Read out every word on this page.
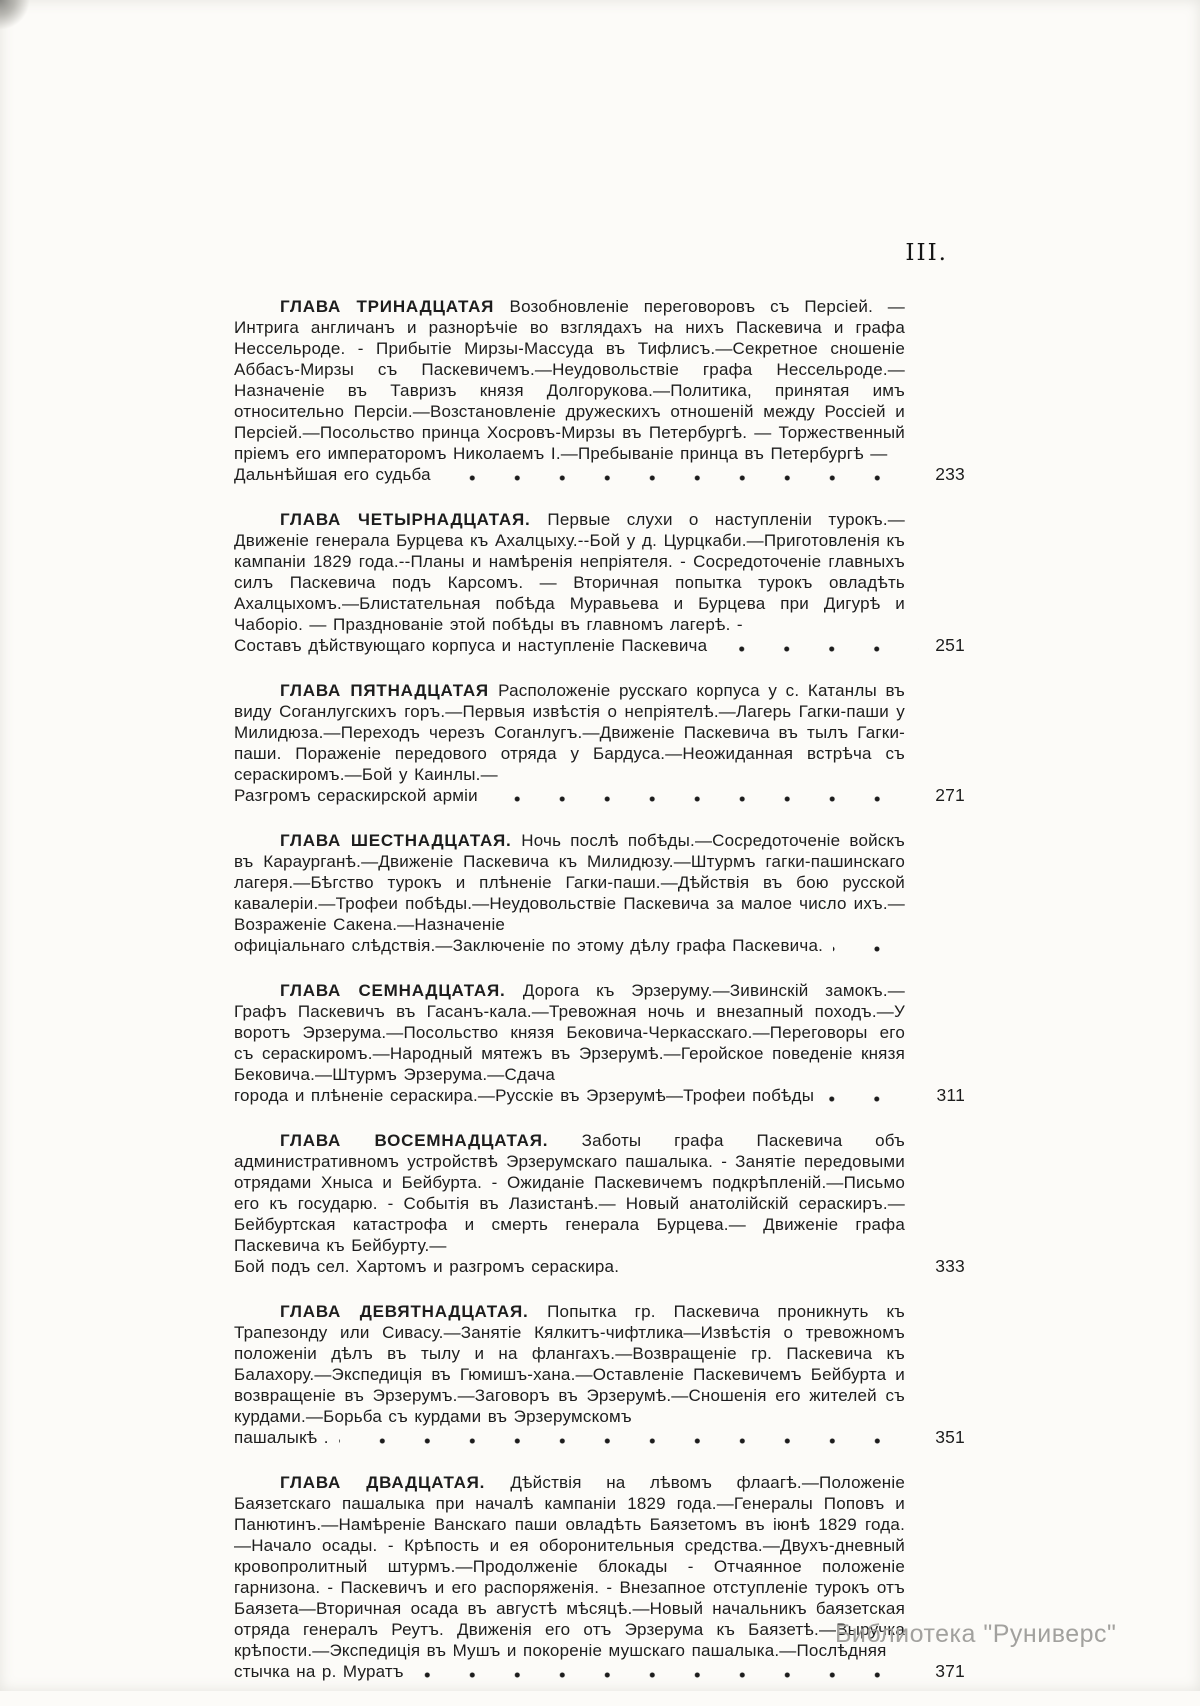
III.

ГЛАВА ТРИНАДЦАТАЯ Возобновленіе переговоровъ съ Персіей. — Интрига англичанъ и разнорѣчіе во взглядахъ на нихъ Паскевича и графа Нессельроде. - Прибытіе Мирзы-Массуда въ Тифлисъ.—Секретное сношеніе Аббасъ-Мирзы съ Паскевичемъ.—Неудовольствіе графа Нессельроде.—Назначеніе въ Тавризъ князя Долгорукова.—Политика, принятая имъ относительно Персіи.—Возстановленіе дружескихъ отношеній между Россіей и Персіей.—Посольство принца Хосровъ-Мирзы въ Петербургѣ. — Торжественный пріемъ его императоромъ Николаемъ I.—Пребываніе принца въ Петербургѣ —

Дальнѣйшая его судьба	233

ГЛАВА ЧЕТЫРНАДЦАТАЯ. Первые слухи о наступленіи турокъ.—Движеніе генерала Бурцева къ Ахалцыху.--Бой у д. Цурцкаби.—Приготовленія къ кампаніи 1829 года.--Планы и намѣренія непріятеля. - Сосредоточеніе главныхъ силъ Паскевича подъ Карсомъ. — Вторичная попытка турокъ овладѣть Ахалцыхомъ.—Блистательная побѣда Муравьева и Бурцева при Дигурѣ и Чаборіо. — Празднованіе этой побѣды въ главномъ лагерѣ. -

Составъ дѣйствующаго корпуса и наступленіе Паскевича	251

ГЛАВА ПЯТНАДЦАТАЯ Расположеніе русскаго корпуса у с. Катанлы въ виду Соганлугскихъ горъ.—Первыя извѣстія о непріятелѣ.—Лагерь Гагки-паши у Милидюза.—Переходъ черезъ Соганлугъ.—Движеніе Паскевича въ тылъ Гагки-паши. Пораженіе передового отряда у Бардуса.—Неожиданная встрѣча съ сераскиромъ.—Бой у Каинлы.—

Разгромъ сераскирской арміи	271

ГЛАВА ШЕСТНАДЦАТАЯ. Ночь послѣ побѣды.—Сосредоточеніе войскъ въ Караурганѣ.—Движеніе Паскевича къ Милидюзу.—Штурмъ гагки-пашинскаго лагеря.—Бѣгство турокъ и плѣненіе Гагки-паши.—Дѣйствія въ бою русской кавалеріи.—Трофеи побѣды.—Неудовольствіе Паскевича за малое число ихъ.—Возраженіе Сакена.—Назначеніе

офиціальнаго слѣдствія.—Заключеніе по этому дѣлу графа Паскевича.

ГЛАВА СЕМНАДЦАТАЯ. Дорога къ Эрзеруму.—Зивинскій замокъ.—Графъ Паскевичъ въ Гасанъ-кала.—Тревожная ночь и внезапный походъ.—У воротъ Эрзерума.—Посольство князя Бековича-Черкасскаго.—Переговоры его съ сераскиромъ.—Народный мятежъ въ Эрзерумѣ.—Геройское поведеніе князя Бековича.—Штурмъ Эрзерума.—Сдача

города и плѣненіе сераскира.—Русскіе въ Эрзерумѣ—Трофеи побѣды	311

ГЛАВА ВОСЕМНАДЦАТАЯ. Заботы графа Паскевича объ административномъ устройствѣ Эрзерумскаго пашалыка. - Занятіе передовыми отрядами Хныса и Бейбурта. - Ожиданіе Паскевичемъ подкрѣпленій.—Письмо его къ государю. - Событія въ Лазистанѣ.— Новый анатолійскій сераскиръ.—Бейбуртская катастрофа и смерть генерала Бурцева.— Движеніе графа Паскевича къ Бейбурту.—

Бой подъ сел. Хартомъ и разгромъ сераскира.	333

ГЛАВА ДЕВЯТНАДЦАТАЯ. Попытка гр. Паскевича проникнуть къ Трапезонду или Сивасу.—Занятіе Кялкитъ-чифтлика—Извѣстія о тревожномъ положеніи дѣлъ въ тылу и на флангахъ.—Возвращеніе гр. Паскевича къ Балахору.—Экспедиція въ Гюмишъ-хана.—Оставленіе Паскевичемъ Бейбурта и возвращеніе въ Эрзерумъ.—Заговоръ въ Эрзерумѣ.—Сношенія его жителей съ курдами.—Борьба съ курдами въ Эрзерумскомъ

пашалыкѣ .	351

ГЛАВА ДВАДЦАТАЯ. Дѣйствія на лѣвомъ флаагѣ.—Положеніе Баязетскаго пашалыка при началѣ кампаніи 1829 года.—Генералы Поповъ и Панютинъ.—Намѣреніе Ванскаго паши овладѣть Баязетомъ въ іюнѣ 1829 года.—Начало осады. - Крѣпость и ея оборонительныя средства.—Двухъ-дневный кровопролитный штурмъ.—Продолженіе блокады - Отчаянное положеніе гарнизона. - Паскевичъ и его распоряженія. - Внезапное отступленіе турокъ отъ Баязета—Вторичная осада въ августѣ мѣсяцѣ.—Новый начальникъ баязетская отряда генералъ Реутъ. Движенія его отъ Эрзерума къ Баязетѣ.—Выручка крѣпости.—Экспедиція въ Мушъ и покореніе мушскаго пашалыка.—Послѣдняя

стычка на р. Муратъ	371
Библиотека "Руниверс"
